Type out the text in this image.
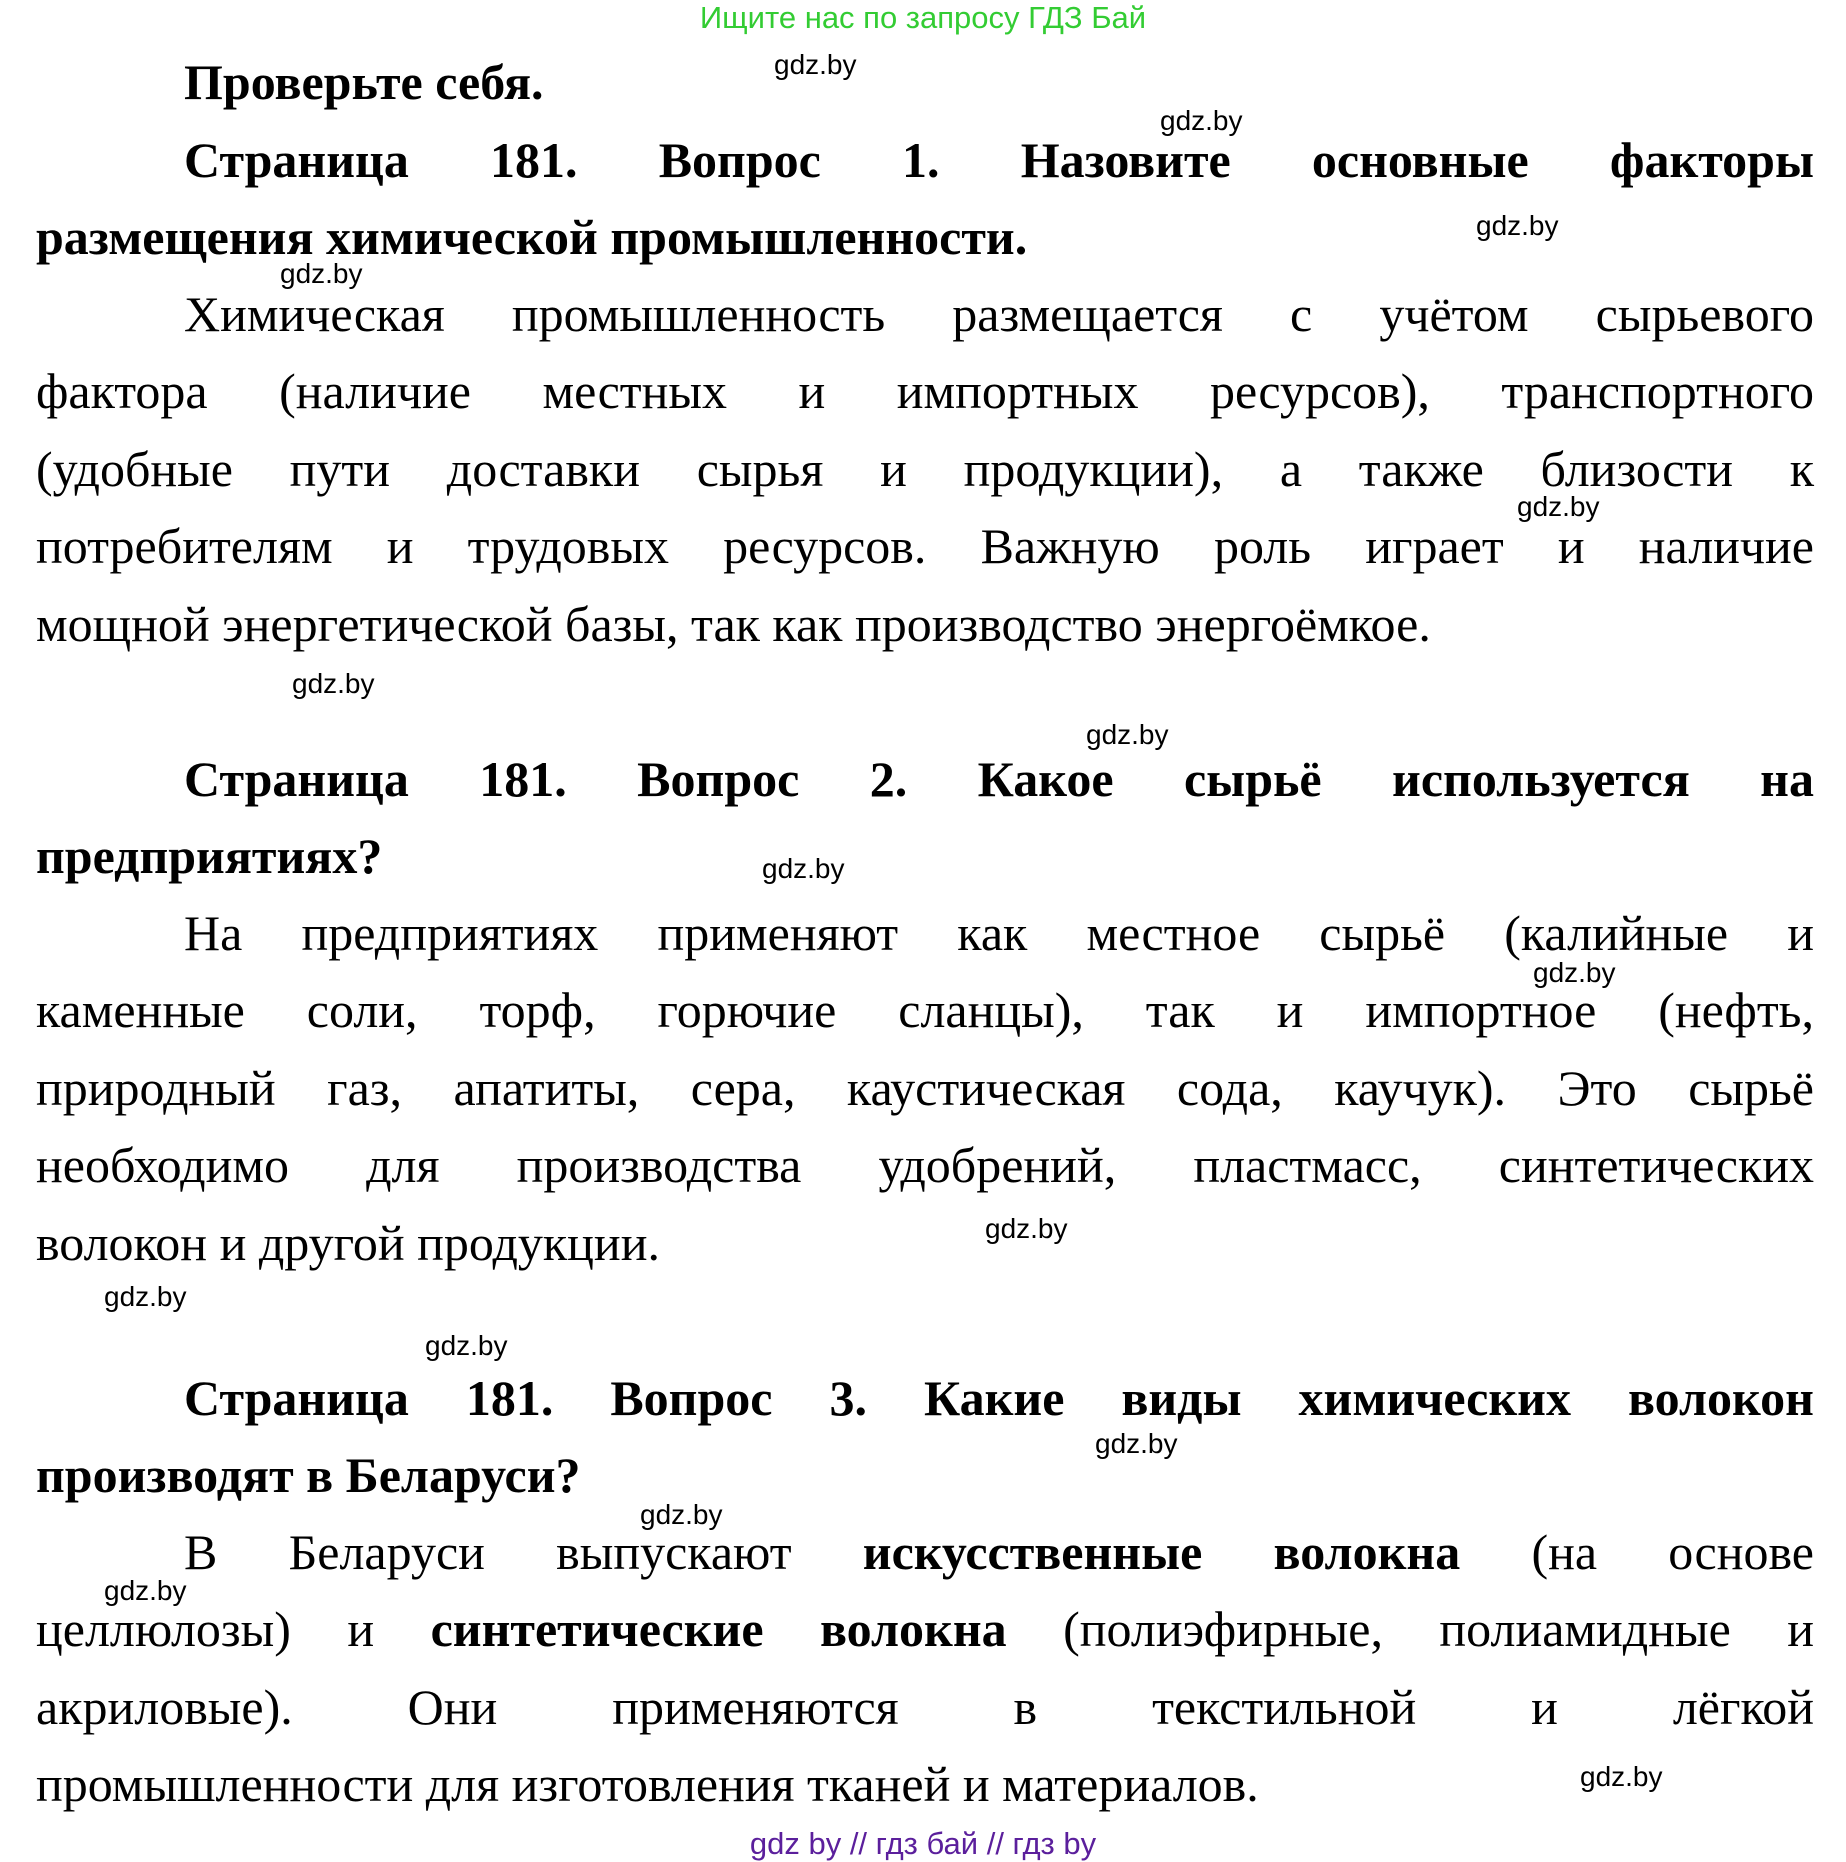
Ищите нас по запросу ГДЗ Бай
Проверьте себя.
Страница 181. Вопрос 1. Назовите основные факторы
размещения химической промышленности.
Химическая промышленность размещается с учётом сырьевого
фактора (наличие местных и импортных ресурсов), транспортного
(удобные пути доставки сырья и продукции), а также близости к
потребителям и трудовых ресурсов. Важную роль играет и наличие
мощной энергетической базы, так как производство энергоёмкое.
Страница 181. Вопрос 2. Какое сырьё используется на
предприятиях?
На предприятиях применяют как местное сырьё (калийные и
каменные соли, торф, горючие сланцы), так и импортное (нефть,
природный газ, апатиты, сера, каустическая сода, каучук). Это сырьё
необходимо для производства удобрений, пластмасс, синтетических
волокон и другой продукции.
Страница 181. Вопрос 3. Какие виды химических волокон
производят в Беларуси?
В Беларуси выпускают искусственные волокна (на основе
целлюлозы) и синтетические волокна (полиэфирные, полиамидные и
акриловые). Они применяются в текстильной и лёгкой
промышленности для изготовления тканей и материалов.
gdz.by
gdz.by
gdz.by
gdz.by
gdz.by
gdz.by
gdz.by
gdz.by
gdz.by
gdz.by
gdz.by
gdz.by
gdz.by
gdz.by
gdz.by
gdz.by
gdz by // гдз бай // гдз by
